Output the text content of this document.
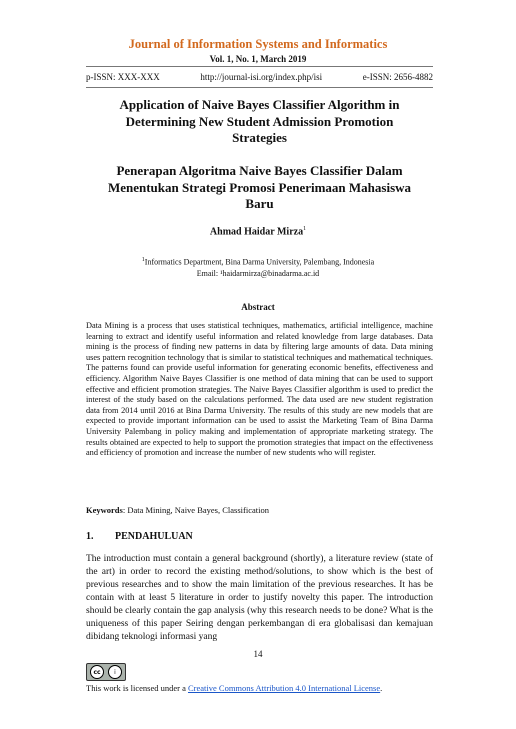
Journal of Information Systems and Informatics
Vol. 1, No. 1, March 2019
p-ISSN: XXX-XXX	http://journal-isi.org/index.php/isi	e-ISSN: 2656-4882
Application of Naive Bayes Classifier Algorithm in
Determining New Student Admission Promotion
Strategies
Penerapan Algoritma Naive Bayes Classifier Dalam
Menentukan Strategi Promosi Penerimaan Mahasiswa
Baru
Ahmad Haidar Mirza$^1$
$^1$Informatics Department, Bina Darma University, Palembang, Indonesia
Email: ¹haidarmirza@binadarma.ac.id
Abstract
Data Mining is a process that uses statistical techniques, mathematics, artificial intelligence, machine learning to extract and identify useful information and related knowledge from large databases. Data mining is the process of finding new patterns in data by filtering large amounts of data. Data mining uses pattern recognition technology that is similar to statistical techniques and mathematical techniques. The patterns found can provide useful information for generating economic benefits, effectiveness and efficiency. Algorithm Naive Bayes Classifier is one method of data mining that can be used to support effective and efficient promotion strategies. The Naive Bayes Classifier algorithm is used to predict the interest of the study based on the calculations performed. The data used are new student registration data from 2014 until 2016 at Bina Darma University. The results of this study are new models that are expected to provide important information can be used to assist the Marketing Team of Bina Darma University Palembang in policy making and implementation of appropriate marketing strategy. The results obtained are expected to help to support the promotion strategies that impact on the effectiveness and efficiency of promotion and increase the number of new students who will register.
Keywords: Data Mining, Naive Bayes, Classification
1. PENDAHULUAN
The introduction must contain a general background (shortly), a literature review (state of the art) in order to record the existing method/solutions, to show which is the best of previous researches and to show the main limitation of the previous researches. It has be contain with at least 5 literature in order to justify novelty this paper. The introduction should be clearly contain the gap analysis (why this research needs to be done? What is the uniqueness of this paper Seiring dengan perkembangan di era globalisasi dan kemajuan dibidang teknologi informasi yang
14
cc	i
This work is licensed under a Creative Commons Attribution 4.0 International License.
